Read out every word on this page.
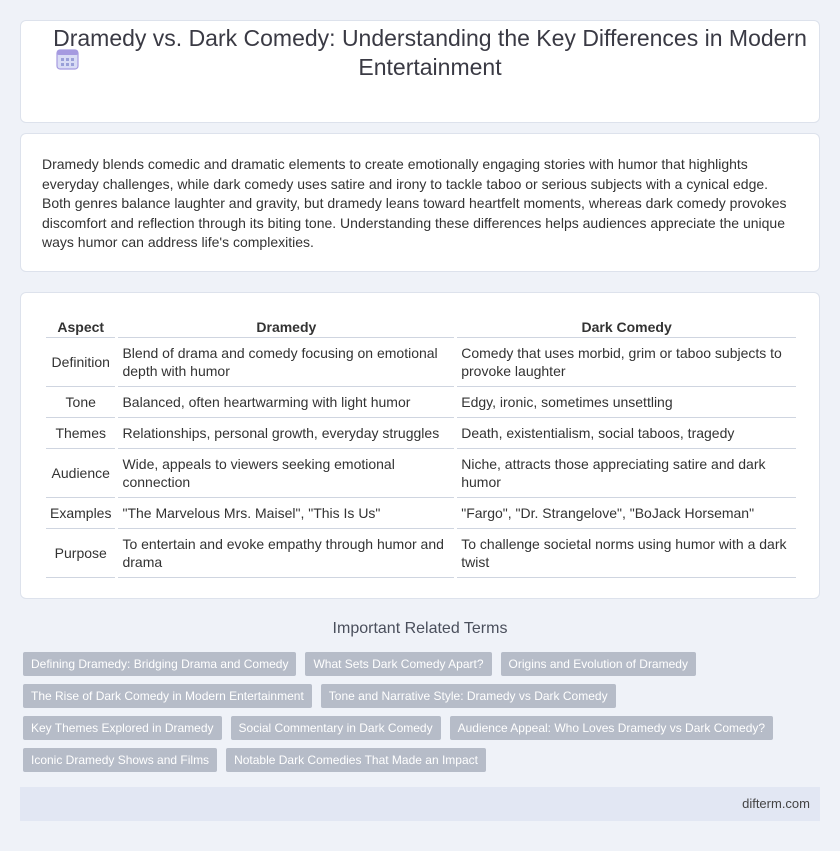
Dramedy vs. Dark Comedy: Understanding the Key Differences in Modern Entertainment

Dramedy blends comedic and dramatic elements to create emotionally engaging stories with humor that highlights everyday challenges, while dark comedy uses satire and irony to tackle taboo or serious subjects with a cynical edge. Both genres balance laughter and gravity, but dramedy leans toward heartfelt moments, whereas dark comedy provokes discomfort and reflection through its biting tone. Understanding these differences helps audiences appreciate the unique ways humor can address life's complexities.

Aspect	Dramedy	Dark Comedy
Definition	Blend of drama and comedy focusing on emotional depth with humor	Comedy that uses morbid, grim or taboo subjects to provoke laughter
Tone	Balanced, often heartwarming with light humor	Edgy, ironic, sometimes unsettling
Themes	Relationships, personal growth, everyday struggles	Death, existentialism, social taboos, tragedy
Audience	Wide, appeals to viewers seeking emotional connection	Niche, attracts those appreciating satire and dark humor
Examples	"The Marvelous Mrs. Maisel", "This Is Us"	"Fargo", "Dr. Strangelove", "BoJack Horseman"
Purpose	To entertain and evoke empathy through humor and drama	To challenge societal norms using humor with a dark twist
Important Related Terms
Defining Dramedy: Bridging Drama and Comedy	What Sets Dark Comedy Apart?	Origins and Evolution of Dramedy
The Rise of Dark Comedy in Modern Entertainment	Tone and Narrative Style: Dramedy vs Dark Comedy
Key Themes Explored in Dramedy	Social Commentary in Dark Comedy	Audience Appeal: Who Loves Dramedy vs Dark Comedy?
Iconic Dramedy Shows and Films	Notable Dark Comedies That Made an Impact
difterm.com
